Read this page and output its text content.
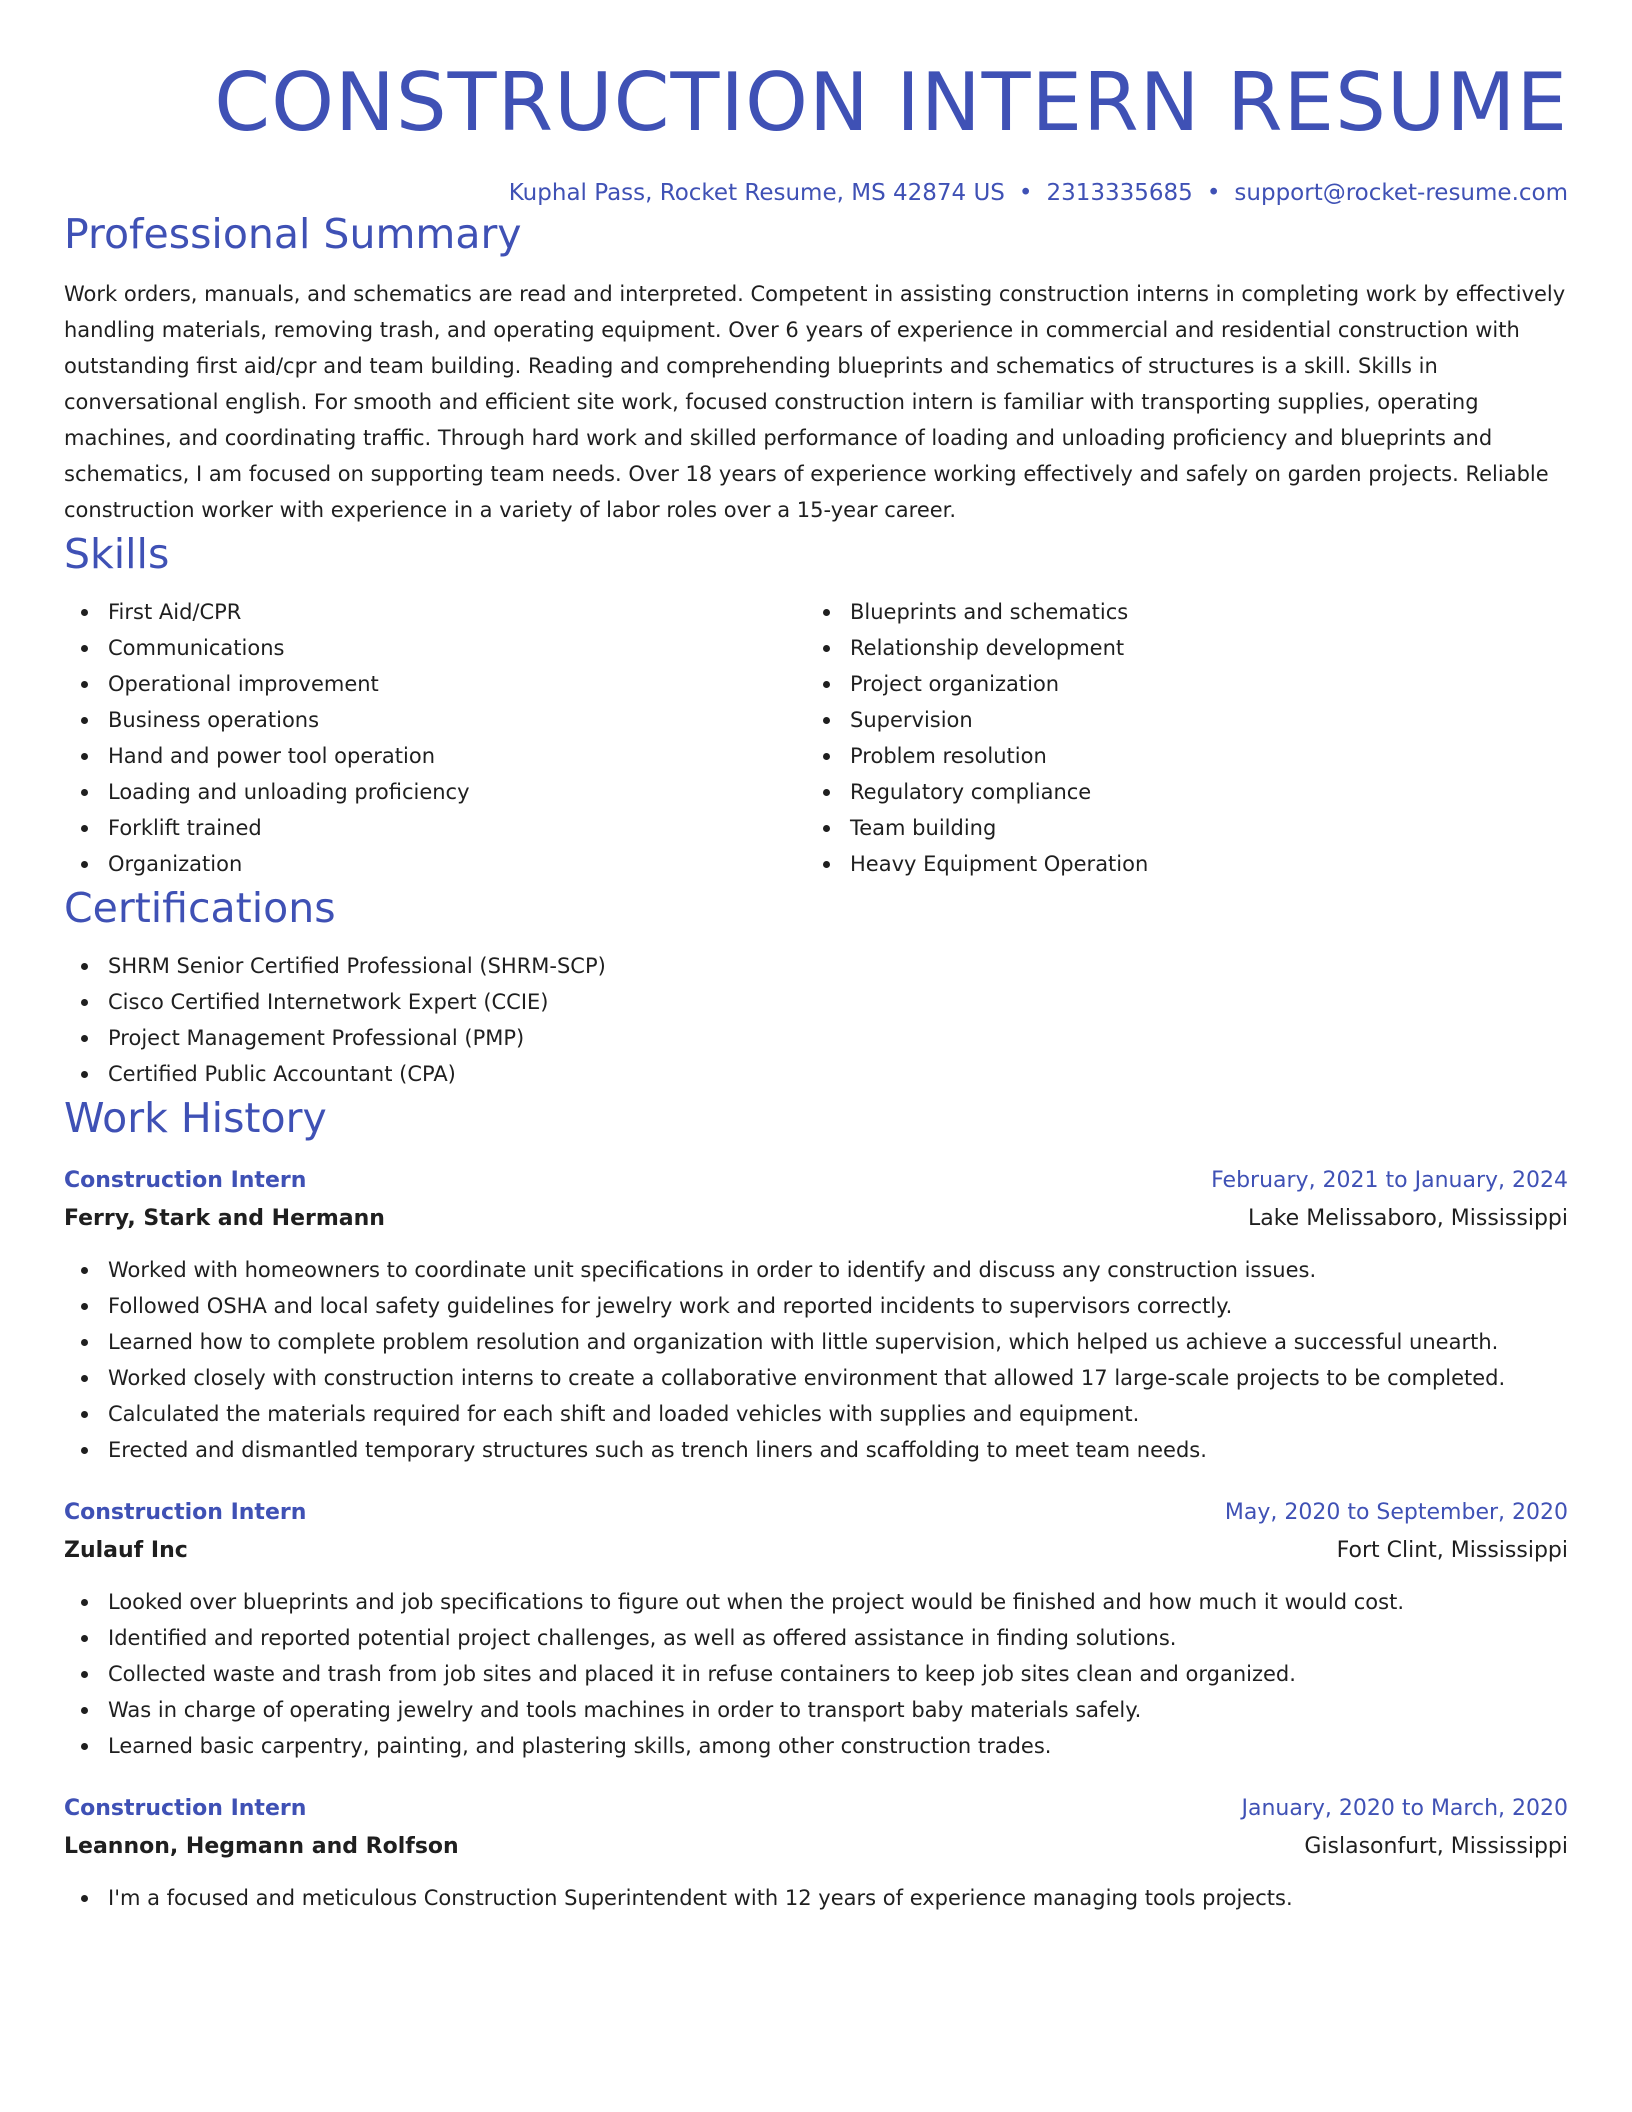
CONSTRUCTION INTERN RESUME
Kuphal Pass, Rocket Resume, MS 42874 US • 2313335685 • support@rocket-resume.com
Professional Summary
Work orders, manuals, and schematics are read and interpreted. Competent in assisting construction interns in completing work by effectively handling materials, removing trash, and operating equipment. Over 6 years of experience in commercial and residential construction with outstanding first aid/cpr and team building. Reading and comprehending blueprints and schematics of structures is a skill. Skills in conversational english. For smooth and efficient site work, focused construction intern is familiar with transporting supplies, operating machines, and coordinating traffic. Through hard work and skilled performance of loading and unloading proficiency and blueprints and schematics, I am focused on supporting team needs. Over 18 years of experience working effectively and safely on garden projects. Reliable construction worker with experience in a variety of labor roles over a 15-year career.
Skills
First Aid/CPR
Communications
Operational improvement
Business operations
Hand and power tool operation
Loading and unloading proficiency
Forklift trained
Organization
Blueprints and schematics
Relationship development
Project organization
Supervision
Problem resolution
Regulatory compliance
Team building
Heavy Equipment Operation
Certifications
SHRM Senior Certified Professional (SHRM-SCP)
Cisco Certified Internetwork Expert (CCIE)
Project Management Professional (PMP)
Certified Public Accountant (CPA)
Work History
Construction Intern	February, 2021 to January, 2024
Ferry, Stark and Hermann	Lake Melissaboro, Mississippi
Worked with homeowners to coordinate unit specifications in order to identify and discuss any construction issues.
Followed OSHA and local safety guidelines for jewelry work and reported incidents to supervisors correctly.
Learned how to complete problem resolution and organization with little supervision, which helped us achieve a successful unearth.
Worked closely with construction interns to create a collaborative environment that allowed 17 large-scale projects to be completed.
Calculated the materials required for each shift and loaded vehicles with supplies and equipment.
Erected and dismantled temporary structures such as trench liners and scaffolding to meet team needs.
Construction Intern	May, 2020 to September, 2020
Zulauf Inc	Fort Clint, Mississippi
Looked over blueprints and job specifications to figure out when the project would be finished and how much it would cost.
Identified and reported potential project challenges, as well as offered assistance in finding solutions.
Collected waste and trash from job sites and placed it in refuse containers to keep job sites clean and organized.
Was in charge of operating jewelry and tools machines in order to transport baby materials safely.
Learned basic carpentry, painting, and plastering skills, among other construction trades.
Construction Intern	January, 2020 to March, 2020
Leannon, Hegmann and Rolfson	Gislasonfurt, Mississippi
I'm a focused and meticulous Construction Superintendent with 12 years of experience managing tools projects.
